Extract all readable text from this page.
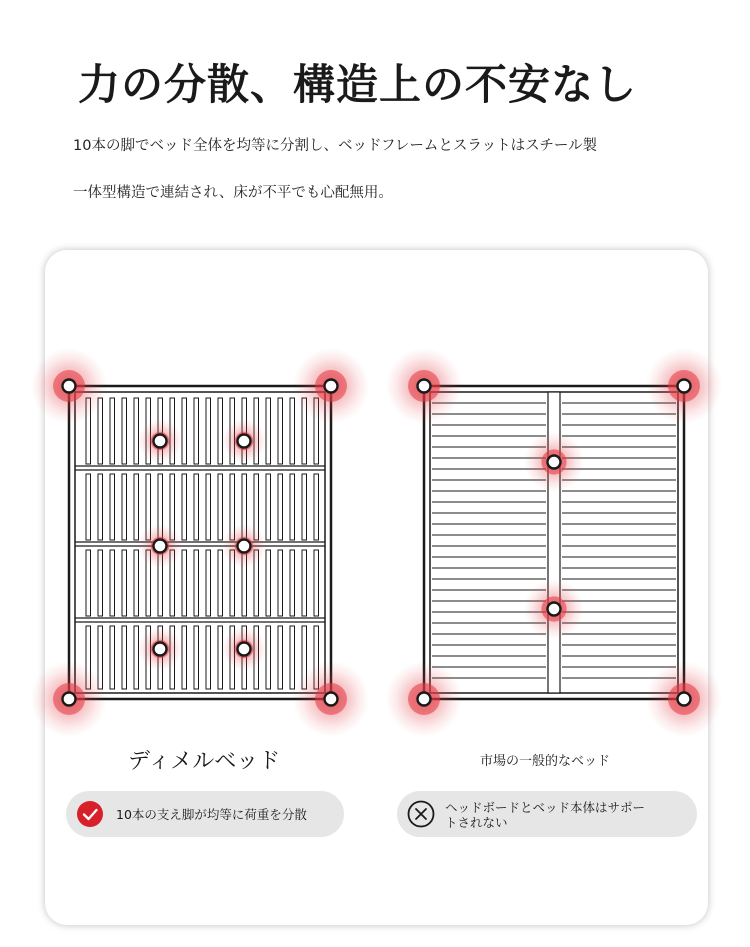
力の分散、構造上の不安なし
10本の脚でベッド全体を均等に分割し、ベッドフレームとスラットはスチール製
一体型構造で連結され、床が不平でも心配無用。
ディメルベッド	市場の一般的なベッド
10本の支え脚が均等に荷重を分散	ヘッドボードとベッド本体はサポートされない
